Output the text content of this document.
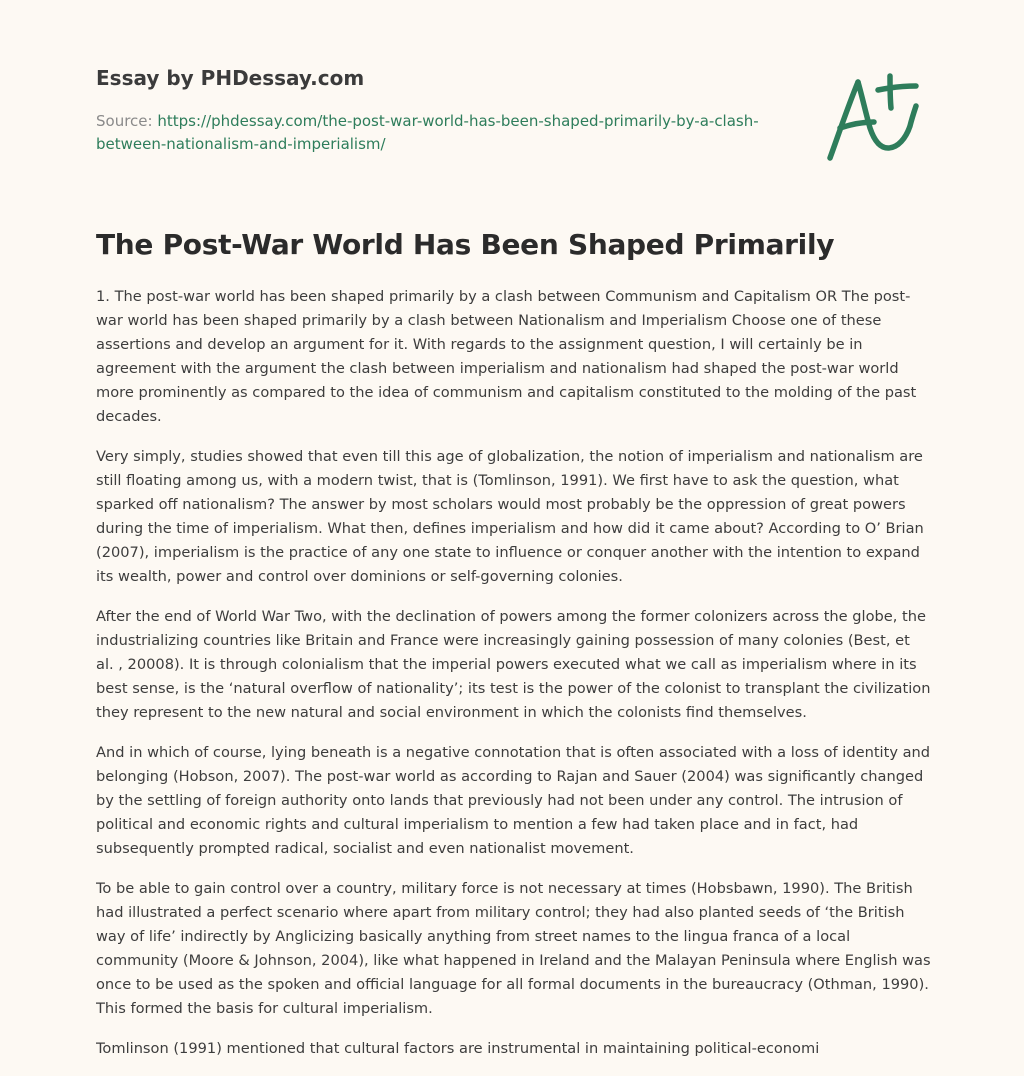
Essay by PHDessay.com
Source: https://phdessay.com/the-post-war-world-has-been-shaped-primarily-by-a-clash-between-nationalism-and-imperialism/
The Post-War World Has Been Shaped Primarily

1. The post-war world has been shaped primarily by a clash between Communism and Capitalism OR The post-war world has been shaped primarily by a clash between Nationalism and Imperialism Choose one of these assertions and develop an argument for it. With regards to the assignment question, I will certainly be in agreement with the argument the clash between imperialism and nationalism had shaped the post-war world more prominently as compared to the idea of communism and capitalism constituted to the molding of the past decades.

Very simply, studies showed that even till this age of globalization, the notion of imperialism and nationalism are still floating among us, with a modern twist, that is (Tomlinson, 1991). We first have to ask the question, what sparked off nationalism? The answer by most scholars would most probably be the oppression of great powers during the time of imperialism. What then, defines imperialism and how did it came about? According to O’ Brian (2007), imperialism is the practice of any one state to influence or conquer another with the intention to expand its wealth, power and control over dominions or self-governing colonies.

After the end of World War Two, with the declination of powers among the former colonizers across the globe, the industrializing countries like Britain and France were increasingly gaining possession of many colonies (Best, et al. , 20008). It is through colonialism that the imperial powers executed what we call as imperialism where in its best sense, is the ‘natural overflow of nationality’; its test is the power of the colonist to transplant the civilization they represent to the new natural and social environment in which the colonists find themselves.

And in which of course, lying beneath is a negative connotation that is often associated with a loss of identity and belonging (Hobson, 2007). The post-war world as according to Rajan and Sauer (2004) was significantly changed by the settling of foreign authority onto lands that previously had not been under any control. The intrusion of political and economic rights and cultural imperialism to mention a few had taken place and in fact, had subsequently prompted radical, socialist and even nationalist movement.

To be able to gain control over a country, military force is not necessary at times (Hobsbawn, 1990). The British had illustrated a perfect scenario where apart from military control; they had also planted seeds of ‘the British way of life’ indirectly by Anglicizing basically anything from street names to the lingua franca of a local community (Moore & Johnson, 2004), like what happened in Ireland and the Malayan Peninsula where English was once to be used as the spoken and official language for all formal documents in the bureaucracy (Othman, 1990). This formed the basis for cultural imperialism.

Tomlinson (1991) mentioned that cultural factors are instrumental in maintaining political-economi
